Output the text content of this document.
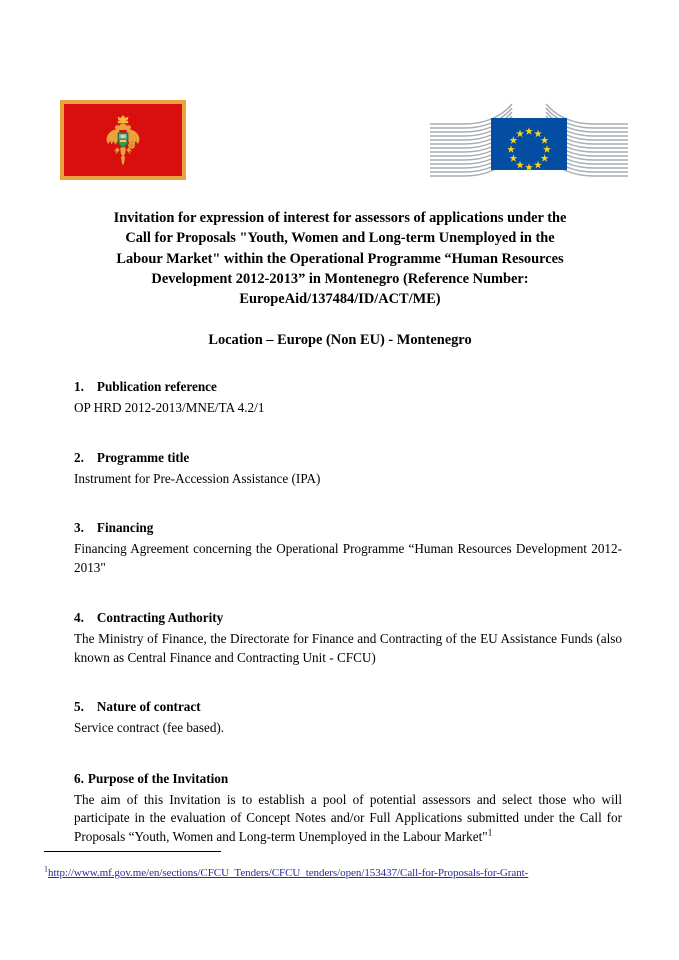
Invitation for expression of interest for assessors of applications under the
Call for Proposals "Youth, Women and Long-term Unemployed in the
Labour Market" within the Operational Programme “Human Resources
Development 2012-2013” in Montenegro (Reference Number:
EuropeAid/137484/ID/ACT/ME)
Location – Europe (Non EU) - Montenegro

1. Publication reference

OP HRD 2012-2013/MNE/TA 4.2/1

2. Programme title

Instrument for Pre-Accession Assistance (IPA)

3. Financing

Financing Agreement concerning the Operational Programme “Human Resources Development 2012-2013"

4. Contracting Authority

The Ministry of Finance, the Directorate for Finance and Contracting of the EU Assistance Funds (also known as Central Finance and Contracting Unit - CFCU)

5. Nature of contract

Service contract (fee based).

6. Purpose of the Invitation

The aim of this Invitation is to establish a pool of potential assessors and select those who will participate in the evaluation of Concept Notes and/or Full Applications submitted under the Call for Proposals “Youth, Women and Long-term Unemployed in the Labour Market"$^1$

$^1$http://www.mf.gov.me/en/sections/CFCU_Tenders/CFCU_tenders/open/153437/Call-for-Proposals-for-Grant-
